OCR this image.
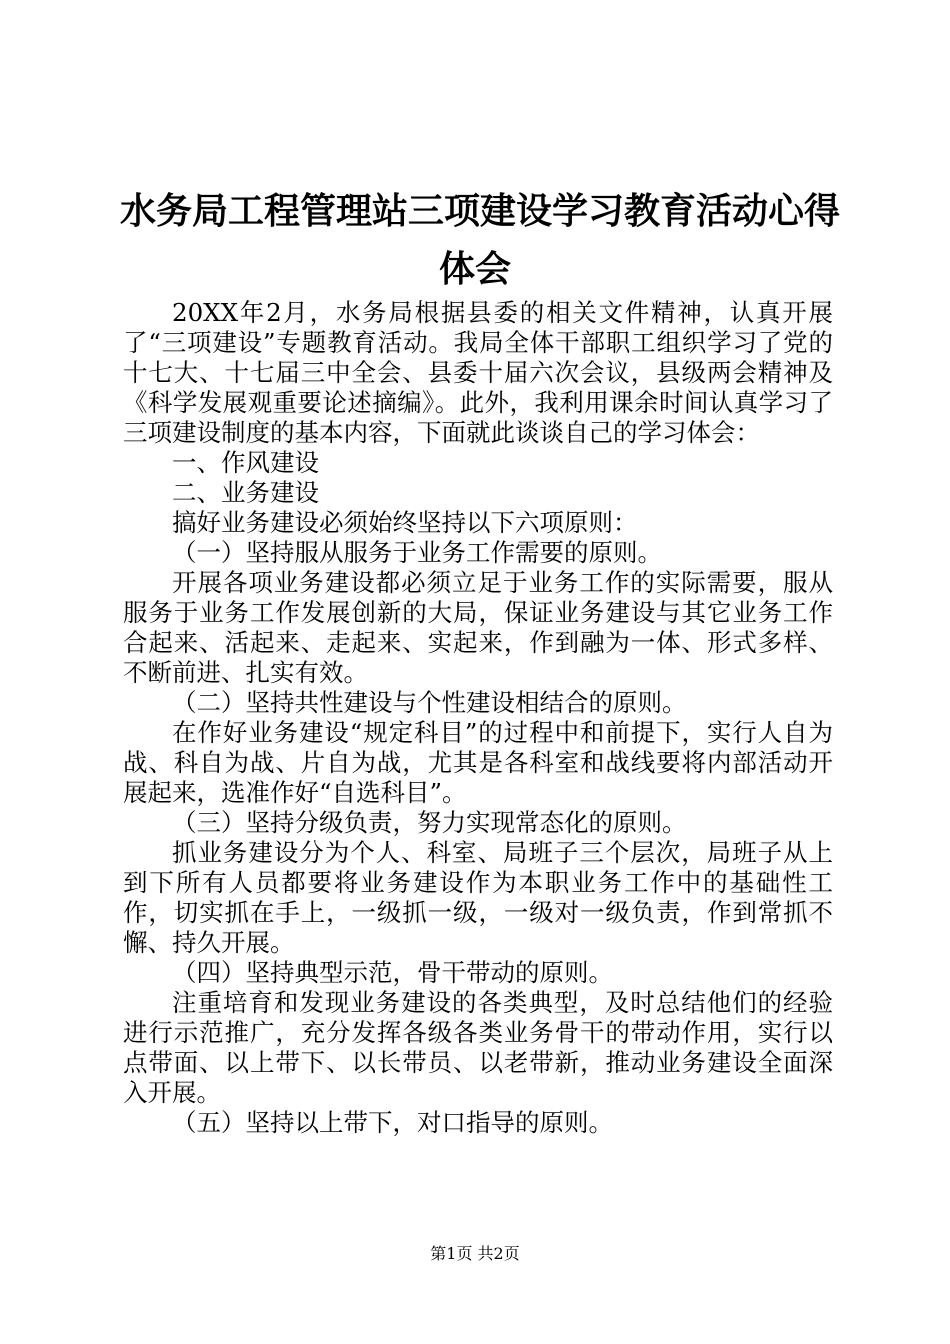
水务局工程管理站三项建设学习教育活动心得
体会

20XX年2月，水务局根据县委的相关文件精神，认真开展了“三项建设”专题教育活动。我局全体干部职工组织学习了党的十七大、十七届三中全会、县委十届六次会议，县级两会精神及《科学发展观重要论述摘编》。此外，我利用课余时间认真学习了三项建设制度的基本内容，下面就此谈谈自己的学习体会：

一、作风建设

二、业务建设

搞好业务建设必须始终坚持以下六项原则：

（一）坚持服从服务于业务工作需要的原则。

开展各项业务建设都必须立足于业务工作的实际需要，服从服务于业务工作发展创新的大局，保证业务建设与其它业务工作合起来、活起来、走起来、实起来，作到融为一体、形式多样、不断前进、扎实有效。

（二）坚持共性建设与个性建设相结合的原则。

在作好业务建设“规定科目”的过程中和前提下，实行人自为战、科自为战、片自为战，尤其是各科室和战线要将内部活动开展起来，选准作好“自选科目”。

（三）坚持分级负责，努力实现常态化的原则。

抓业务建设分为个人、科室、局班子三个层次，局班子从上到下所有人员都要将业务建设作为本职业务工作中的基础性工作，切实抓在手上，一级抓一级，一级对一级负责，作到常抓不懈、持久开展。

（四）坚持典型示范，骨干带动的原则。

注重培育和发现业务建设的各类典型，及时总结他们的经验进行示范推广，充分发挥各级各类业务骨干的带动作用，实行以点带面、以上带下、以长带员、以老带新，推动业务建设全面深入开展。

（五）坚持以上带下，对口指导的原则。

第1页 共2页
